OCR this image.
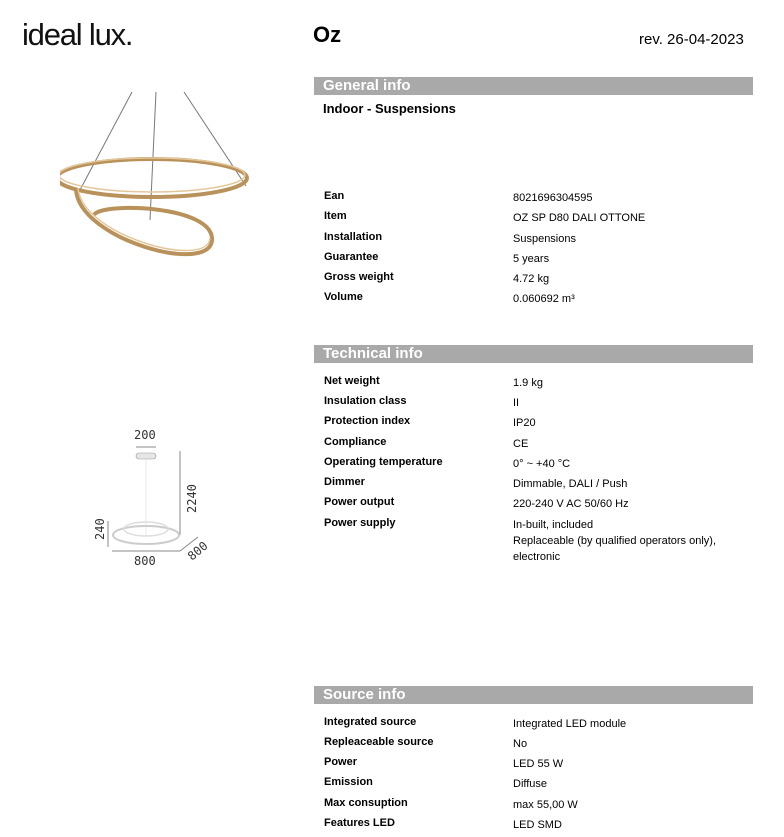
ideal lux.	Oz	rev. 26-04-2023
200
2240
240
800 800
General info
Indoor - Suspensions
Ean	8021696304595
Item	OZ SP D80 DALI OTTONE
Installation	Suspensions
Guarantee	5 years
Gross weight	4.72 kg
Volume	0.060692 m³
Technical info
Net weight	1.9 kg
Insulation class	II
Protection index	IP20
Compliance	CE
Operating temperature	0° ~ +40 °C
Dimmer	Dimmable, DALI / Push
Power output	220-240 V AC 50/60 Hz
Power supply	In-built, included
Replaceable (by qualified operators only), electronic
Source info
Integrated source	Integrated LED module
Repleaceable source	No
Power	LED 55 W
Emission	Diffuse
Max consuption	max 55,00 W
Features LED	LED SMD
